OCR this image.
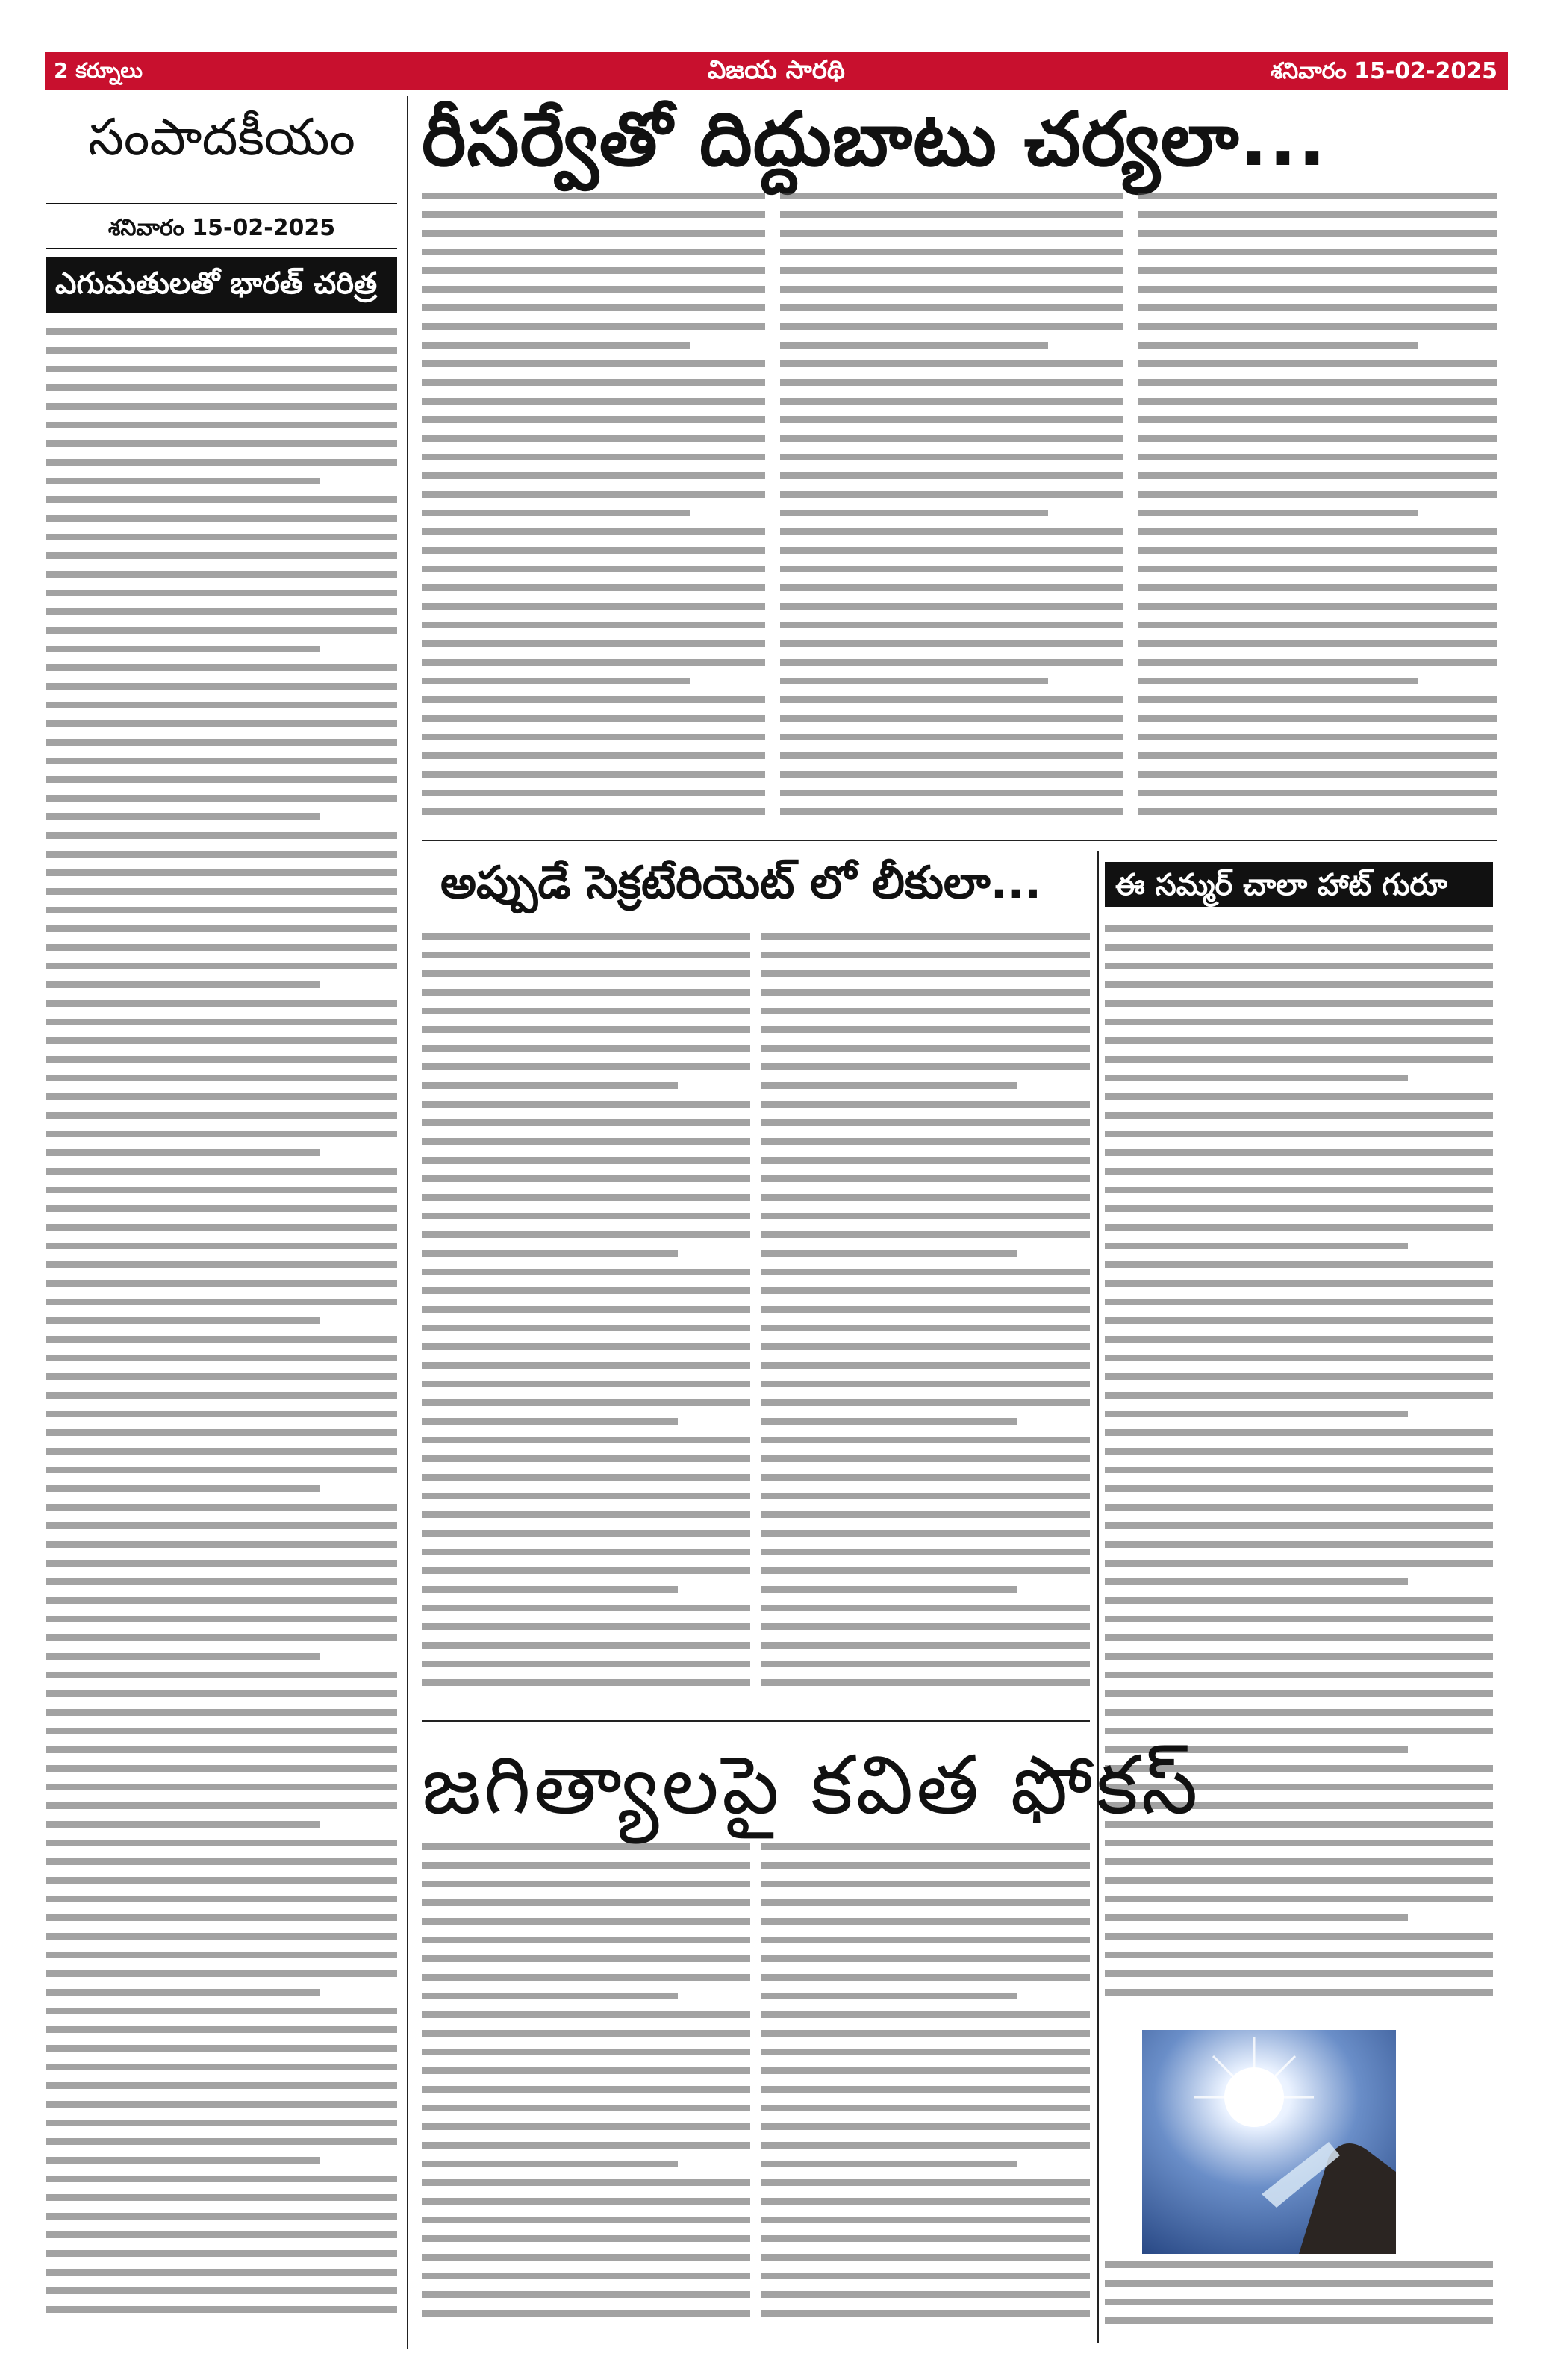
2 కర్నూలు	విజయ సారథి	శనివారం 15-02-2025
సంపాదకీయం
శనివారం 15-02-2025
ఎగుమతులతో భారత్ చరిత్ర
రీసర్వేతో దిద్దుబాటు చర్యలా...
అప్పుడే సెక్రటేరియెట్ లో లీకులా...	ఈ సమ్మర్ చాలా హాట్ గురూ
జగిత్యాలపై కవిత ఫోకస్
